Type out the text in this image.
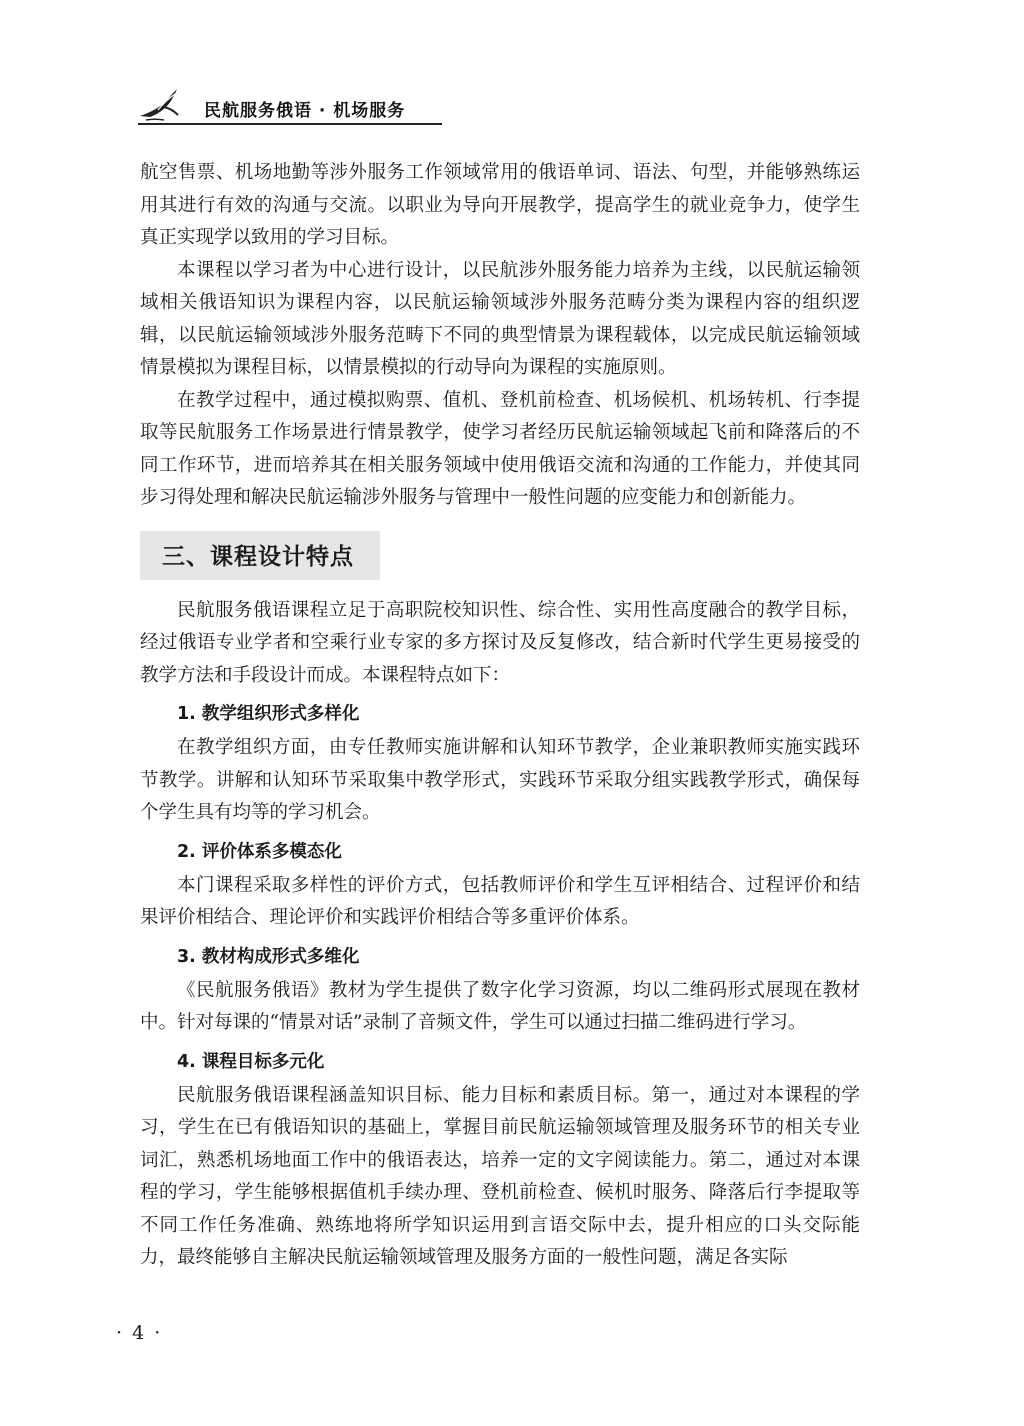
民航服务俄语 · 机场服务

航空售票、机场地勤等涉外服务工作领域常用的俄语单词、语法、句型，并能够熟练运用其进行有效的沟通与交流。以职业为导向开展教学，提高学生的就业竞争力，使学生真正实现学以致用的学习目标。

本课程以学习者为中心进行设计，以民航涉外服务能力培养为主线，以民航运输领域相关俄语知识为课程内容，以民航运输领域涉外服务范畴分类为课程内容的组织逻辑，以民航运输领域涉外服务范畴下不同的典型情景为课程载体，以完成民航运输领域情景模拟为课程目标，以情景模拟的行动导向为课程的实施原则。

在教学过程中，通过模拟购票、值机、登机前检查、机场候机、机场转机、行李提取等民航服务工作场景进行情景教学，使学习者经历民航运输领域起飞前和降落后的不同工作环节，进而培养其在相关服务领域中使用俄语交流和沟通的工作能力，并使其同步习得处理和解决民航运输涉外服务与管理中一般性问题的应变能力和创新能力。

三、课程设计特点

民航服务俄语课程立足于高职院校知识性、综合性、实用性高度融合的教学目标，经过俄语专业学者和空乘行业专家的多方探讨及反复修改，结合新时代学生更易接受的教学方法和手段设计而成。本课程特点如下：

1. 教学组织形式多样化

在教学组织方面，由专任教师实施讲解和认知环节教学，企业兼职教师实施实践环节教学。讲解和认知环节采取集中教学形式，实践环节采取分组实践教学形式，确保每个学生具有均等的学习机会。

2. 评价体系多模态化

本门课程采取多样性的评价方式，包括教师评价和学生互评相结合、过程评价和结果评价相结合、理论评价和实践评价相结合等多重评价体系。

3. 教材构成形式多维化

《民航服务俄语》教材为学生提供了数字化学习资源，均以二维码形式展现在教材中。针对每课的“情景对话”录制了音频文件，学生可以通过扫描二维码进行学习。

4. 课程目标多元化

民航服务俄语课程涵盖知识目标、能力目标和素质目标。第一，通过对本课程的学习，学生在已有俄语知识的基础上，掌握目前民航运输领域管理及服务环节的相关专业词汇，熟悉机场地面工作中的俄语表达，培养一定的文字阅读能力。第二，通过对本课程的学习，学生能够根据值机手续办理、登机前检查、候机时服务、降落后行李提取等不同工作任务准确、熟练地将所学知识运用到言语交际中去，提升相应的口头交际能力，最终能够自主解决民航运输领域管理及服务方面的一般性问题，满足各实际

· 4 ·
